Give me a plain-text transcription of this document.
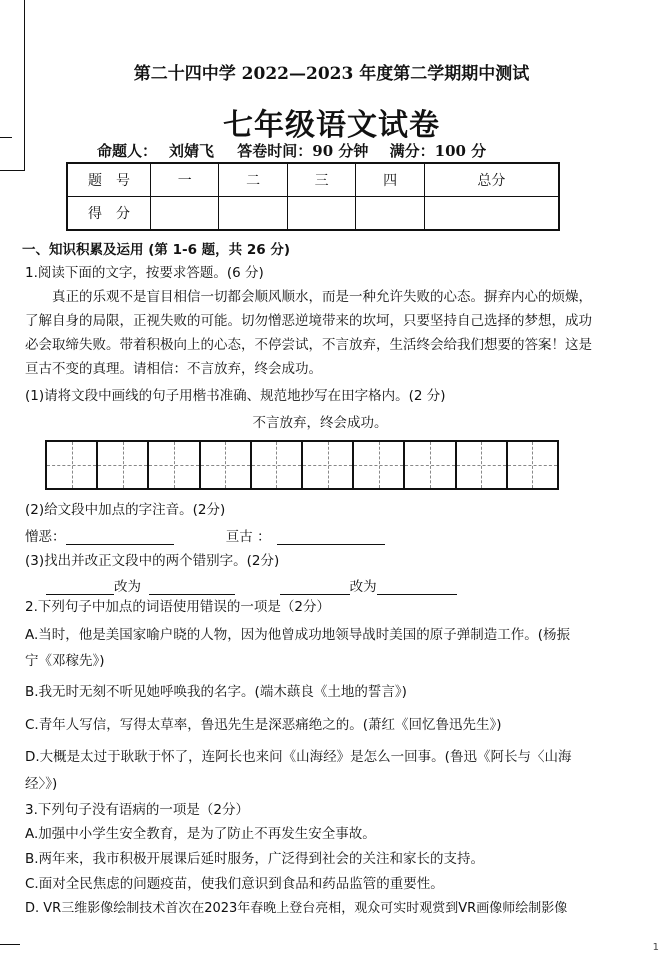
第二十四中学 2022—2023 年度第二学期期中测试
七年级语文试卷
命题人： 刘婧飞 答卷时间：90 分钟 满分：100 分
题　号	一	二	三	四	总分
得　分					
一、知识积累及运用 (第 1-6 题，共 26 分)
1.阅读下面的文字，按要求答题。(6 分)
真正的乐观不是盲目相信一切都会顺风顺水，而是一种允许失败的心态。摒弃内心的烦燥，
了解自身的局限，正视失败的可能。切勿憎恶逆境带来的坎坷，只要坚持自己选择的梦想，成功
必会取缔失败。带着积极向上的心态，不停尝试，不言放弃，生活终会给我们想要的答案！这是
亘古不变的真理。请相信：不言放弃，终会成功。
(1)请将文段中画线的句子用楷书准确、规范地抄写在田字格内。(2 分)
不言放弃，终会成功。
(2)给文段中加点的字注音。(2分)
憎恶：	亘古 ：
(3)找出并改正文段中的两个错别字。(2分)
改为	改为
2.下列句子中加点的词语使用错误的一项是（2分）
A.当时，他是美国家喻户晓的人物，因为他曾成功地领导战时美国的原子弹制造工作。(杨振
宁《邓稼先》)
B.我无时无刻不听见她呼唤我的名字。(端木蕻良《土地的誓言》)
C.青年人写信，写得太草率，鲁迅先生是深恶痛绝之的。(萧红《回忆鲁迅先生》)
D.大概是太过于耿耿于怀了，连阿长也来问《山海经》是怎么一回事。(鲁迅《阿长与〈山海
经〉》)
3.下列句子没有语病的一项是（2分）
A.加强中小学生安全教育，是为了防止不再发生安全事故。
B.两年来，我市积极开展课后延时服务，广泛得到社会的关注和家长的支持。
C.面对全民焦虑的问题疫苗，使我们意识到食品和药品监管的重要性。
D. VR三维影像绘制技术首次在2023年春晚上登台亮相，观众可实时观赏到VR画像师绘制影像
1
